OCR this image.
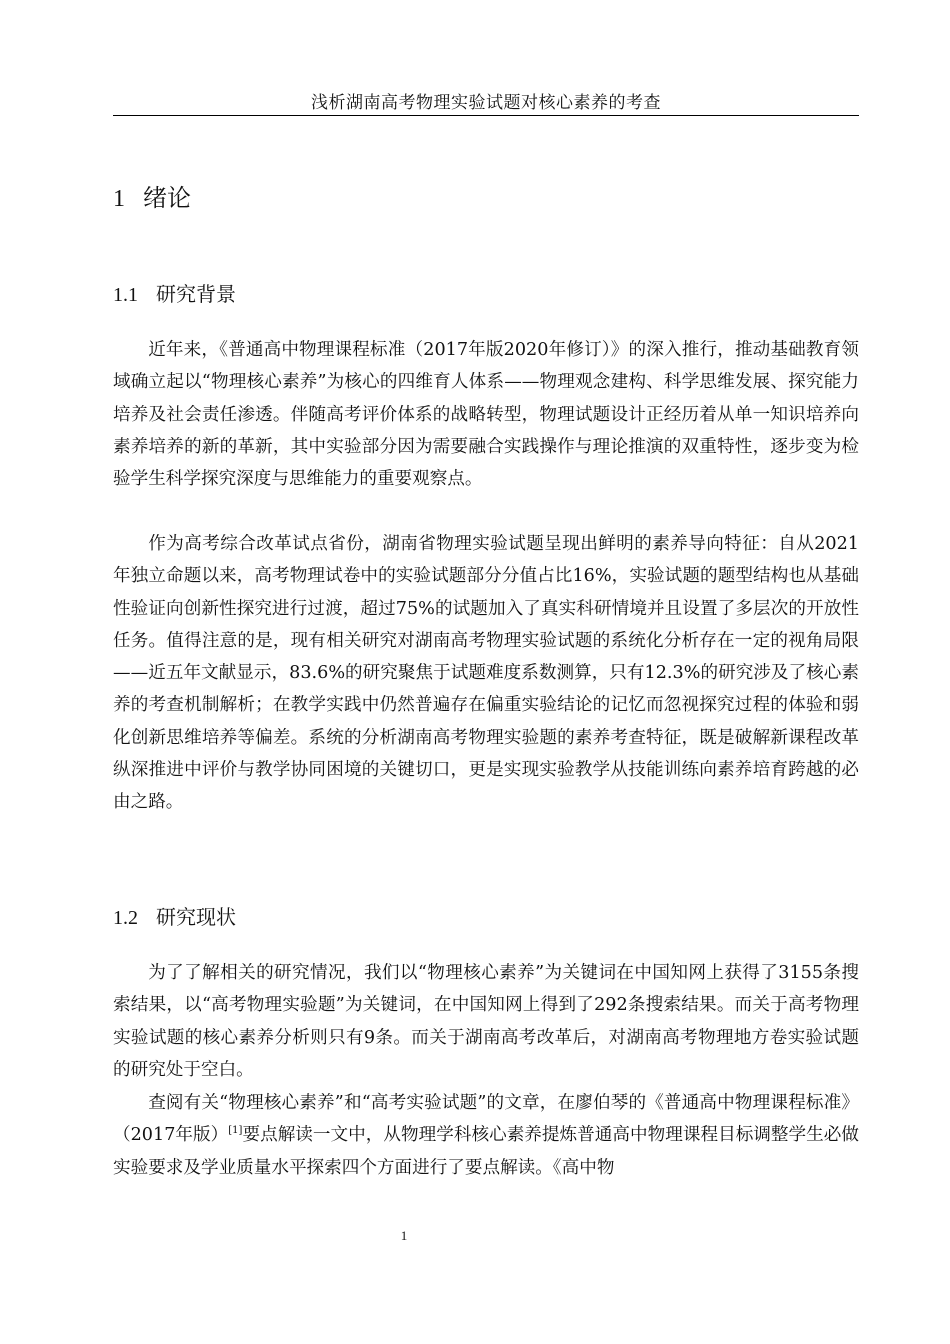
浅析湖南高考物理实验试题对核心素养的考查
1 绪论
1.1 研究背景

近年来，《普通高中物理课程标准（2017年版2020年修订）》的深入推行，推动基础教育领域确立起以“物理核心素养”为核心的四维育人体系——物理观念建构、科学思维发展、探究能力培养及社会责任渗透。伴随高考评价体系的战略转型，物理试题设计正经历着从单一知识培养向素养培养的新的革新，其中实验部分因为需要融合实践操作与理论推演的双重特性，逐步变为检验学生科学探究深度与思维能力的重要观察点。

作为高考综合改革试点省份，湖南省物理实验试题呈现出鲜明的素养导向特征：自从2021年独立命题以来，高考物理试卷中的实验试题部分分值占比16%，实验试题的题型结构也从基础性验证向创新性探究进行过渡，超过75%的试题加入了真实科研情境并且设置了多层次的开放性任务。值得注意的是，现有相关研究对湖南高考物理实验试题的系统化分析存在一定的视角局限——近五年文献显示，83.6%的研究聚焦于试题难度系数测算，只有12.3%的研究涉及了核心素养的考查机制解析；在教学实践中仍然普遍存在偏重实验结论的记忆而忽视探究过程的体验和弱化创新思维培养等偏差。系统的分析湖南高考物理实验题的素养考查特征，既是破解新课程改革纵深推进中评价与教学协同困境的关键切口，更是实现实验教学从技能训练向素养培育跨越的必由之路。

1.2 研究现状

为了了解相关的研究情况，我们以“物理核心素养”为关键词在中国知网上获得了3155条搜索结果，以“高考物理实验题”为关键词，在中国知网上得到了292条搜索结果。而关于高考物理实验试题的核心素养分析则只有9条。而关于湖南高考改革后，对湖南高考物理地方卷实验试题的研究处于空白。

查阅有关“物理核心素养”和“高考实验试题”的文章，在廖伯琴的《普通高中物理课程标准》（2017年版）[1]要点解读一文中，从物理学科核心素养提炼普通高中物理课程目标调整学生必做实验要求及学业质量水平探索四个方面进行了要点解读。《高中物

1
